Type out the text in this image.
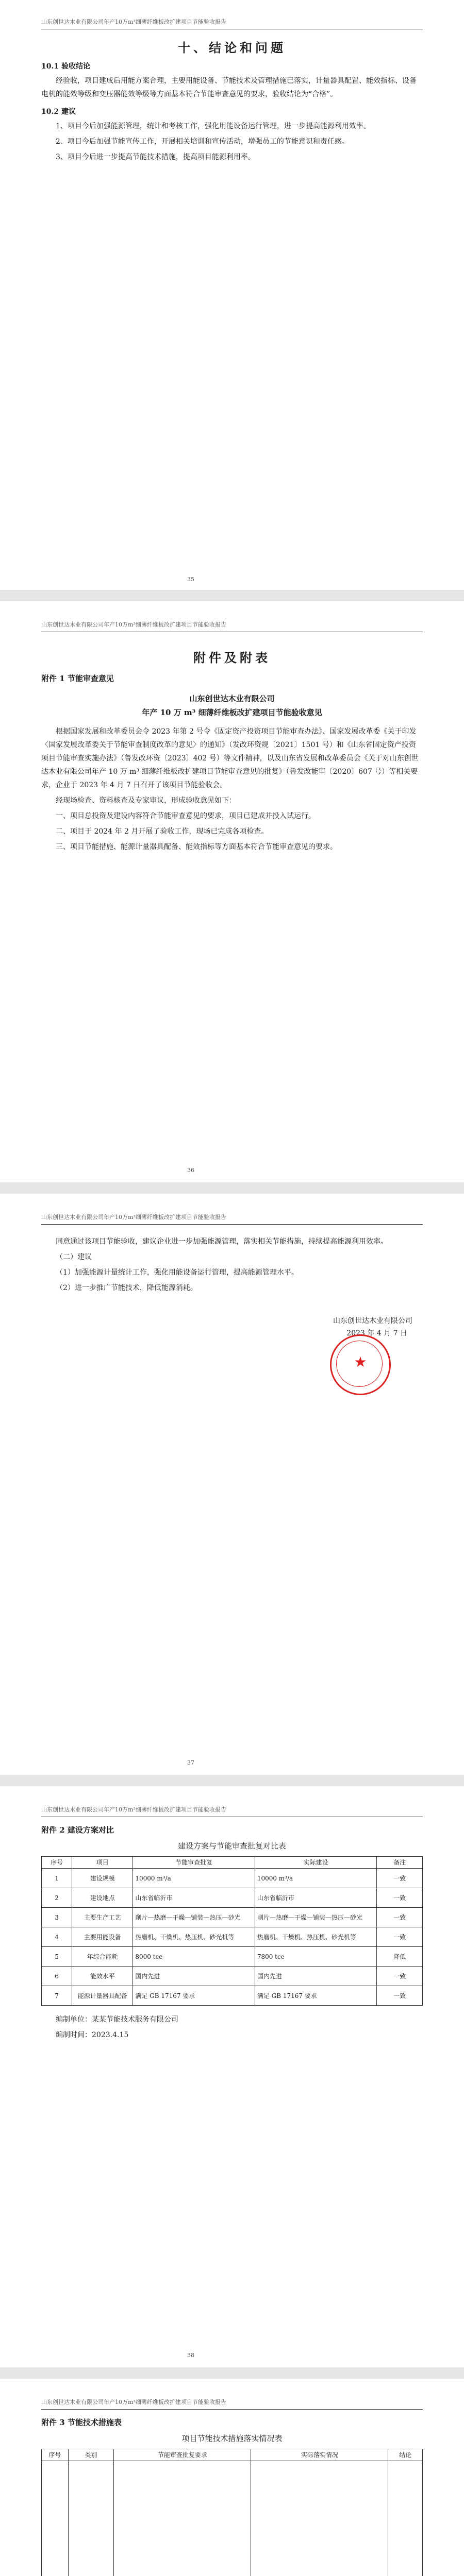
山东创世达木业有限公司年产10万m³细薄纤维板改扩建项目节能验收报告
十、结论和问题
10.1 验收结论
经验收，项目建成后用能方案合理，主要用能设备、节能技术及管理措施已落实，计量器具配置、能效指标、设备电机的能效等级和变压器能效等级等方面基本符合节能审查意见的要求，验收结论为“合格”。
10.2 建议
1、项目今后加强能源管理，统计和考核工作，强化用能设备运行管理，进一步提高能源利用效率。
2、项目今后加强节能宣传工作，开展相关培训和宣传活动，增强员工的节能意识和责任感。
3、项目今后进一步提高节能技术措施，提高项目能源利用率。
35
山东创世达木业有限公司年产10万m³细薄纤维板改扩建项目节能验收报告
附件及附表
附件 1 节能审查意见
山东创世达木业有限公司
年产 10 万 m³ 细薄纤维板改扩建项目节能验收意见
根据国家发展和改革委员会令 2023 年第 2 号令《固定资产投资项目节能审查办法》、国家发展改革委《关于印发〈国家发展改革委关于节能审查制度改革的意见〉的通知》（发改环资规〔2021〕1501 号）和《山东省固定资产投资项目节能审查实施办法》（鲁发改环资〔2023〕402 号）等文件精神，以及山东省发展和改革委员会《关于对山东创世达木业有限公司年产 10 万 m³ 细薄纤维板改扩建项目节能审查意见的批复》（鲁发改能审〔2020〕607 号）等相关要求，企业于 2023 年 4 月 7 日召开了该项目节能验收会。
经现场检查、资料核查及专家审议，形成验收意见如下：
一、项目总投资及建设内容符合节能审查意见的要求，项目已建成并投入试运行。
二、项目于 2024 年 2 月开展了验收工作，现场已完成各项检查。
三、项目节能措施、能源计量器具配备、能效指标等方面基本符合节能审查意见的要求。
36
山东创世达木业有限公司年产10万m³细薄纤维板改扩建项目节能验收报告
同意通过该项目节能验收，建议企业进一步加强能源管理，落实相关节能措施，持续提高能源利用效率。
（二）建议
（1）加强能源计量统计工作，强化用能设备运行管理，提高能源管理水平。
（2）进一步推广节能技术，降低能源消耗。
山东创世达木业有限公司
2023 年 4 月 7 日
★
37
山东创世达木业有限公司年产10万m³细薄纤维板改扩建项目节能验收报告
附件 2 建设方案对比
建设方案与节能审查批复对比表
序号	项目	节能审查批复	实际建设	备注
1	建设规模	10000 m³/a	10000 m³/a	一致
2	建设地点	山东省临沂市	山东省临沂市	一致
3	主要生产工艺	削片—热磨—干燥—铺装—热压—砂光	削片—热磨—干燥—铺装—热压—砂光	一致
4	主要用能设备	热磨机、干燥机、热压机、砂光机等	热磨机、干燥机、热压机、砂光机等	一致
5	年综合能耗	8000 tce	7800 tce	降低
6	能效水平	国内先进	国内先进	一致
7	能源计量器具配备	满足 GB 17167 要求	满足 GB 17167 要求	一致
编制单位：某某节能技术服务有限公司
编制时间：2023.4.15
38
山东创世达木业有限公司年产10万m³细薄纤维板改扩建项目节能验收报告
附件 3 节能技术措施表
项目节能技术措施落实情况表
序号	类别	节能审查批复要求	实际落实情况	结论
